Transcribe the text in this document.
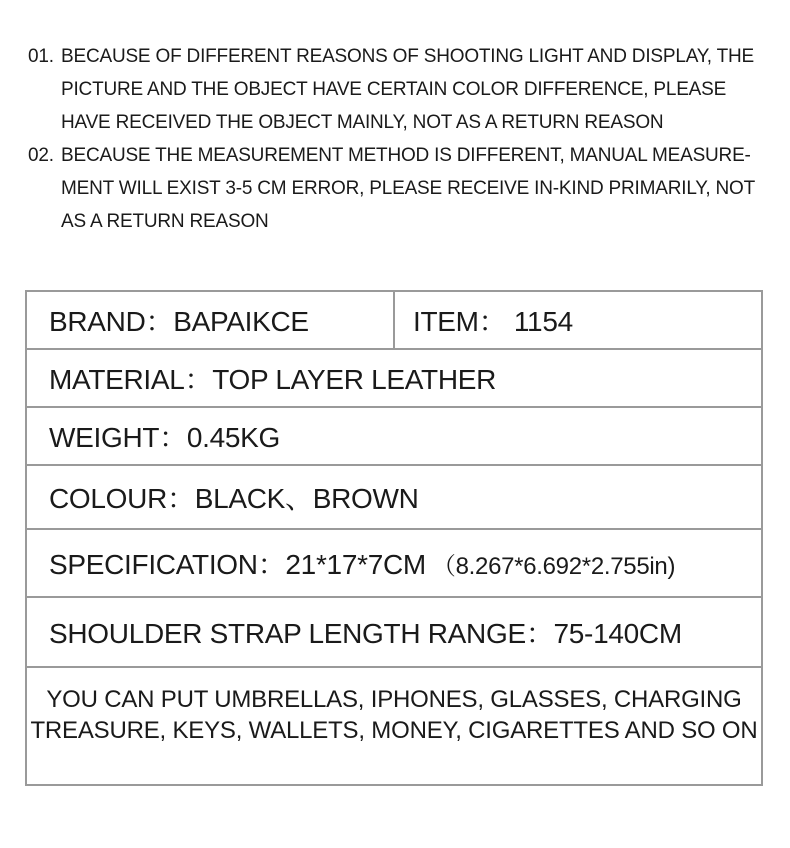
01. BECAUSE OF DIFFERENT REASONS OF SHOOTING LIGHT AND DISPLAY, THE PICTURE AND THE OBJECT HAVE CERTAIN COLOR DIFFERENCE, PLEASE HAVE RECEIVED THE OBJECT MAINLY, NOT AS A RETURN REASON
02. BECAUSE THE MEASUREMENT METHOD IS DIFFERENT, MANUAL MEASURE-MENT WILL EXIST 3-5 CM ERROR, PLEASE RECEIVE IN-KIND PRIMARILY, NOT AS A RETURN REASON
BRAND：BAPAIKCE	ITEM： 1154
MATERIAL：TOP LAYER LEATHER
WEIGHT：0.45KG
COLOUR：BLACK、BROWN
SPECIFICATION：21*17*7CM （8.267*6.692*2.755in)
SHOULDER STRAP LENGTH RANGE：75-140CM
YOU CAN PUT UMBRELLAS, IPHONES, GLASSES, CHARGING
TREASURE, KEYS, WALLETS, MONEY, CIGARETTES AND SO ON
